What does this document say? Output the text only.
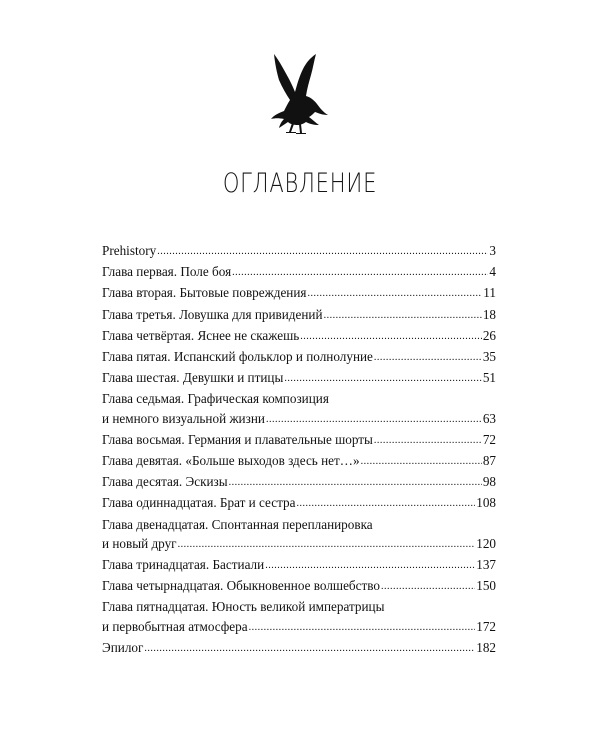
ОГЛАВЛЕНИЕ
Prehistory .....	3
Глава первая. Поле боя .....	4
Глава вторая. Бытовые повреждения .....	11
Глава третья. Ловушка для привидений .....	18
Глава четвёртая. Яснее не скажешь .....	26
Глава пятая. Испанский фольклор и полнолуние .....	35
Глава шестая. Девушки и птицы .....	51
Глава седьмая. Графическая композиция
и немного визуальной жизни .....	63
Глава восьмая. Германия и плавательные шорты .....	72
Глава девятая. «Больше выходов здесь нет…» .....	87
Глава десятая. Эскизы .....	98
Глава одиннадцатая. Брат и сестра .....	108
Глава двенадцатая. Спонтанная перепланировка
и новый друг .....	120
Глава тринадцатая. Бастиали .....	137
Глава четырнадцатая. Обыкновенное волшебство .....	150
Глава пятнадцатая. Юность великой императрицы
и первобытная атмосфера .....	172
Эпилог .....	182
